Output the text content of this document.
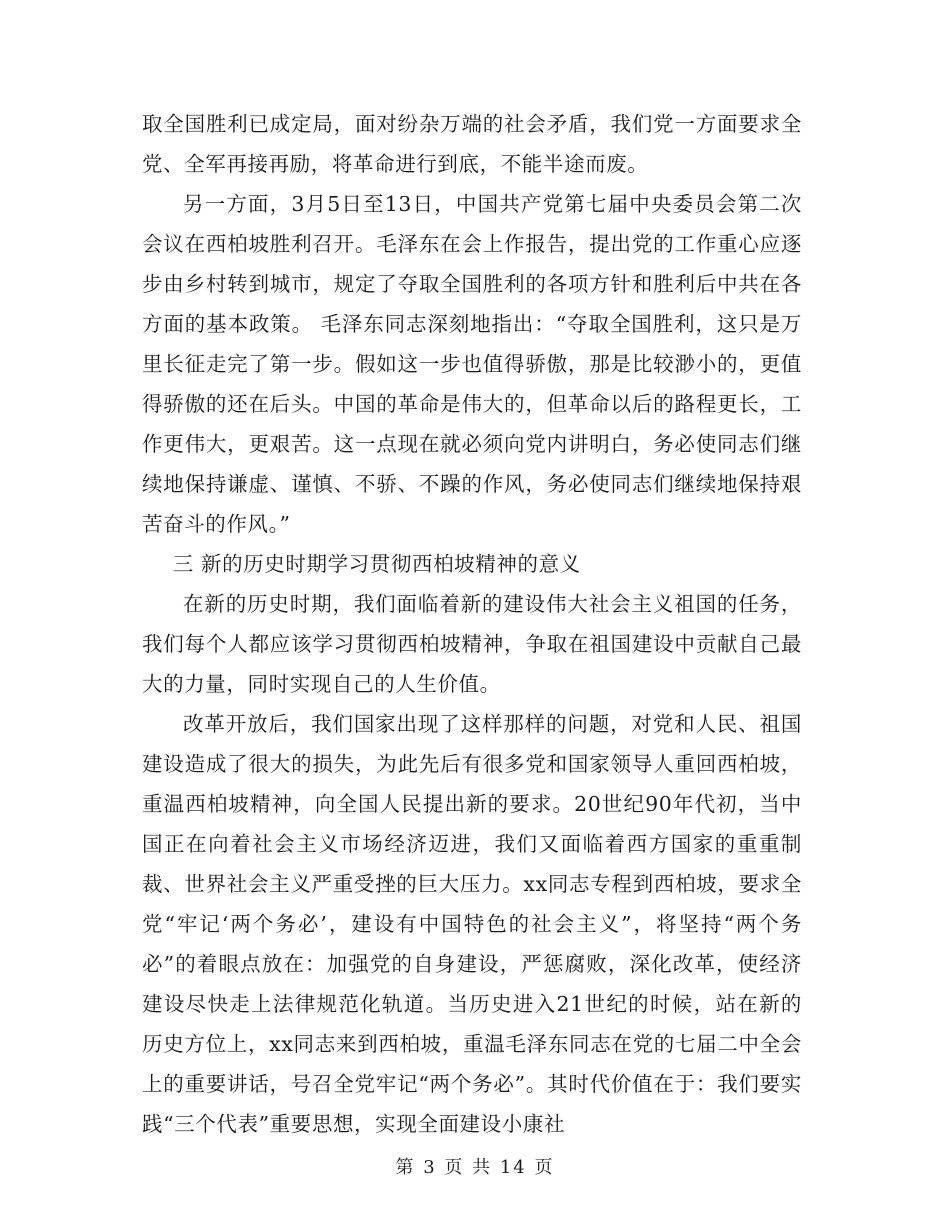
取全国胜利已成定局，面对纷杂万端的社会矛盾，我们党一方面要求全党、全军再接再励，将革命进行到底，不能半途而废。

另一方面，3月5日至13日，中国共产党第七届中央委员会第二次会议在西柏坡胜利召开。毛泽东在会上作报告，提出党的工作重心应逐步由乡村转到城市，规定了夺取全国胜利的各项方针和胜利后中共在各方面的基本政策。 毛泽东同志深刻地指出：“夺取全国胜利，这只是万里长征走完了第一步。假如这一步也值得骄傲，那是比较渺小的，更值得骄傲的还在后头。中国的革命是伟大的，但革命以后的路程更长，工作更伟大，更艰苦。这一点现在就必须向党内讲明白，务必使同志们继续地保持谦虚、谨慎、不骄、不躁的作风，务必使同志们继续地保持艰苦奋斗的作风。”

三 新的历史时期学习贯彻西柏坡精神的意义

在新的历史时期，我们面临着新的建设伟大社会主义祖国的任务，我们每个人都应该学习贯彻西柏坡精神，争取在祖国建设中贡献自己最大的力量，同时实现自己的人生价值。

改革开放后，我们国家出现了这样那样的问题，对党和人民、祖国建设造成了很大的损失，为此先后有很多党和国家领导人重回西柏坡，重温西柏坡精神，向全国人民提出新的要求。20世纪90年代初，当中国正在向着社会主义市场经济迈进，我们又面临着西方国家的重重制裁、世界社会主义严重受挫的巨大压力。xx同志专程到西柏坡，要求全党“牢记‘两个务必’，建设有中国特色的社会主义”，将坚持“两个务必”的着眼点放在：加强党的自身建设，严惩腐败，深化改革，使经济建设尽快走上法律规范化轨道。当历史进入21世纪的时候，站在新的历史方位上，xx同志来到西柏坡，重温毛泽东同志在党的七届二中全会上的重要讲话，号召全党牢记“两个务必”。其时代价值在于：我们要实践“三个代表”重要思想，实现全面建设小康社

第 3 页 共 14 页
